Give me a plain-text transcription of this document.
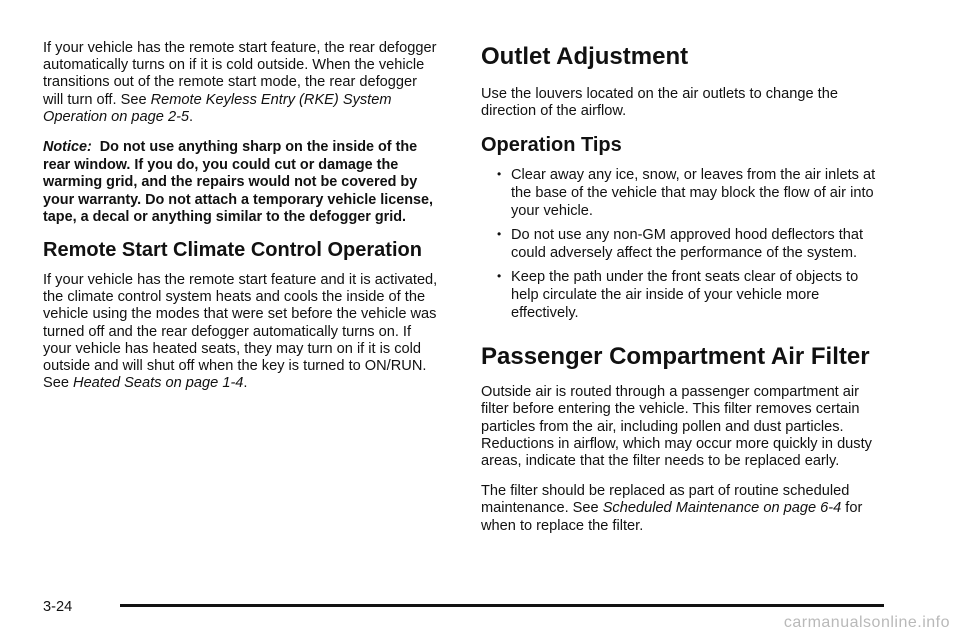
If your vehicle has the remote start feature, the rear defogger automatically turns on if it is cold outside. When the vehicle transitions out of the remote start mode, the rear defogger will turn off. See Remote Keyless Entry (RKE) System Operation on page 2-5.

Notice: Do not use anything sharp on the inside of the rear window. If you do, you could cut or damage the warming grid, and the repairs would not be covered by your warranty. Do not attach a temporary vehicle license, tape, a decal or anything similar to the defogger grid.

Remote Start Climate Control Operation

If your vehicle has the remote start feature and it is activated, the climate control system heats and cools the inside of the vehicle using the modes that were set before the vehicle was turned off and the rear defogger automatically turns on. If your vehicle has heated seats, they may turn on if it is cold outside and will shut off when the key is turned to ON/RUN. See Heated Seats on page 1-4.

Outlet Adjustment

Use the louvers located on the air outlets to change the direction of the airflow.

Operation Tips
• Clear away any ice, snow, or leaves from the air inlets at the base of the vehicle that may block the flow of air into your vehicle.
• Do not use any non-GM approved hood deflectors that could adversely affect the performance of the system.
• Keep the path under the front seats clear of objects to help circulate the air inside of your vehicle more effectively.
Passenger Compartment Air Filter

Outside air is routed through a passenger compartment air filter before entering the vehicle. This filter removes certain particles from the air, including pollen and dust particles. Reductions in airflow, which may occur more quickly in dusty areas, indicate that the filter needs to be replaced early.

The filter should be replaced as part of routine scheduled maintenance. See Scheduled Maintenance on page 6-4 for when to replace the filter.

3-24
carmanualsonline.info
